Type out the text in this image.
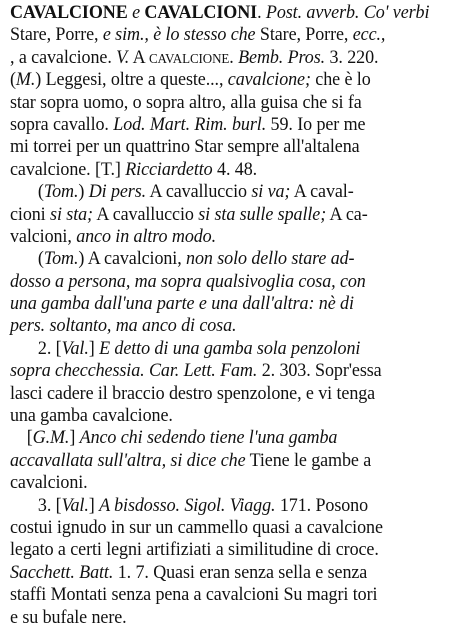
CAVALCIONE e CAVALCIONI. Post. avverb. Co' verbi
Stare, Porre, e sim., è lo stesso che Stare, Porre, ecc.,
, a cavalcione. V. A cavalcione. Bemb. Pros. 3. 220.
(M.) Leggesi, oltre a queste..., cavalcione; che è lo
star sopra uomo, o sopra altro, alla guisa che si fa
sopra cavallo. Lod. Mart. Rim. burl. 59. Io per me
mi torrei per un quattrino Star sempre all'altalena
cavalcione. [T.] Ricciardetto 4. 48.
(Tom.) Di pers. A cavalluccio si va; A caval-
cioni si sta; A cavalluccio si sta sulle spalle; A ca-
valcioni, anco in altro modo.
(Tom.) A cavalcioni, non solo dello stare ad-
dosso a persona, ma sopra qualsivoglia cosa, con
una gamba dall'una parte e una dall'altra: nè di
pers. soltanto, ma anco di cosa.
2. [Val.] E detto di una gamba sola penzoloni
sopra checchessia. Car. Lett. Fam. 2. 303. Sopr'essa
lasci cadere il braccio destro spenzolone, e vi tenga
una gamba cavalcione.
[G.M.] Anco chi sedendo tiene l'una gamba
accavallata sull'altra, si dice che Tiene le gambe a
cavalcioni.
3. [Val.] A bisdosso. Sigol. Viagg. 171. Posono
costui ignudo in sur un cammello quasi a cavalcione
legato a certi legni artifiziati a similitudine di croce.
Sacchett. Batt. 1. 7. Quasi eran senza sella e senza
staffi Montati senza pena a cavalcioni Su magri tori
e su bufale nere.
